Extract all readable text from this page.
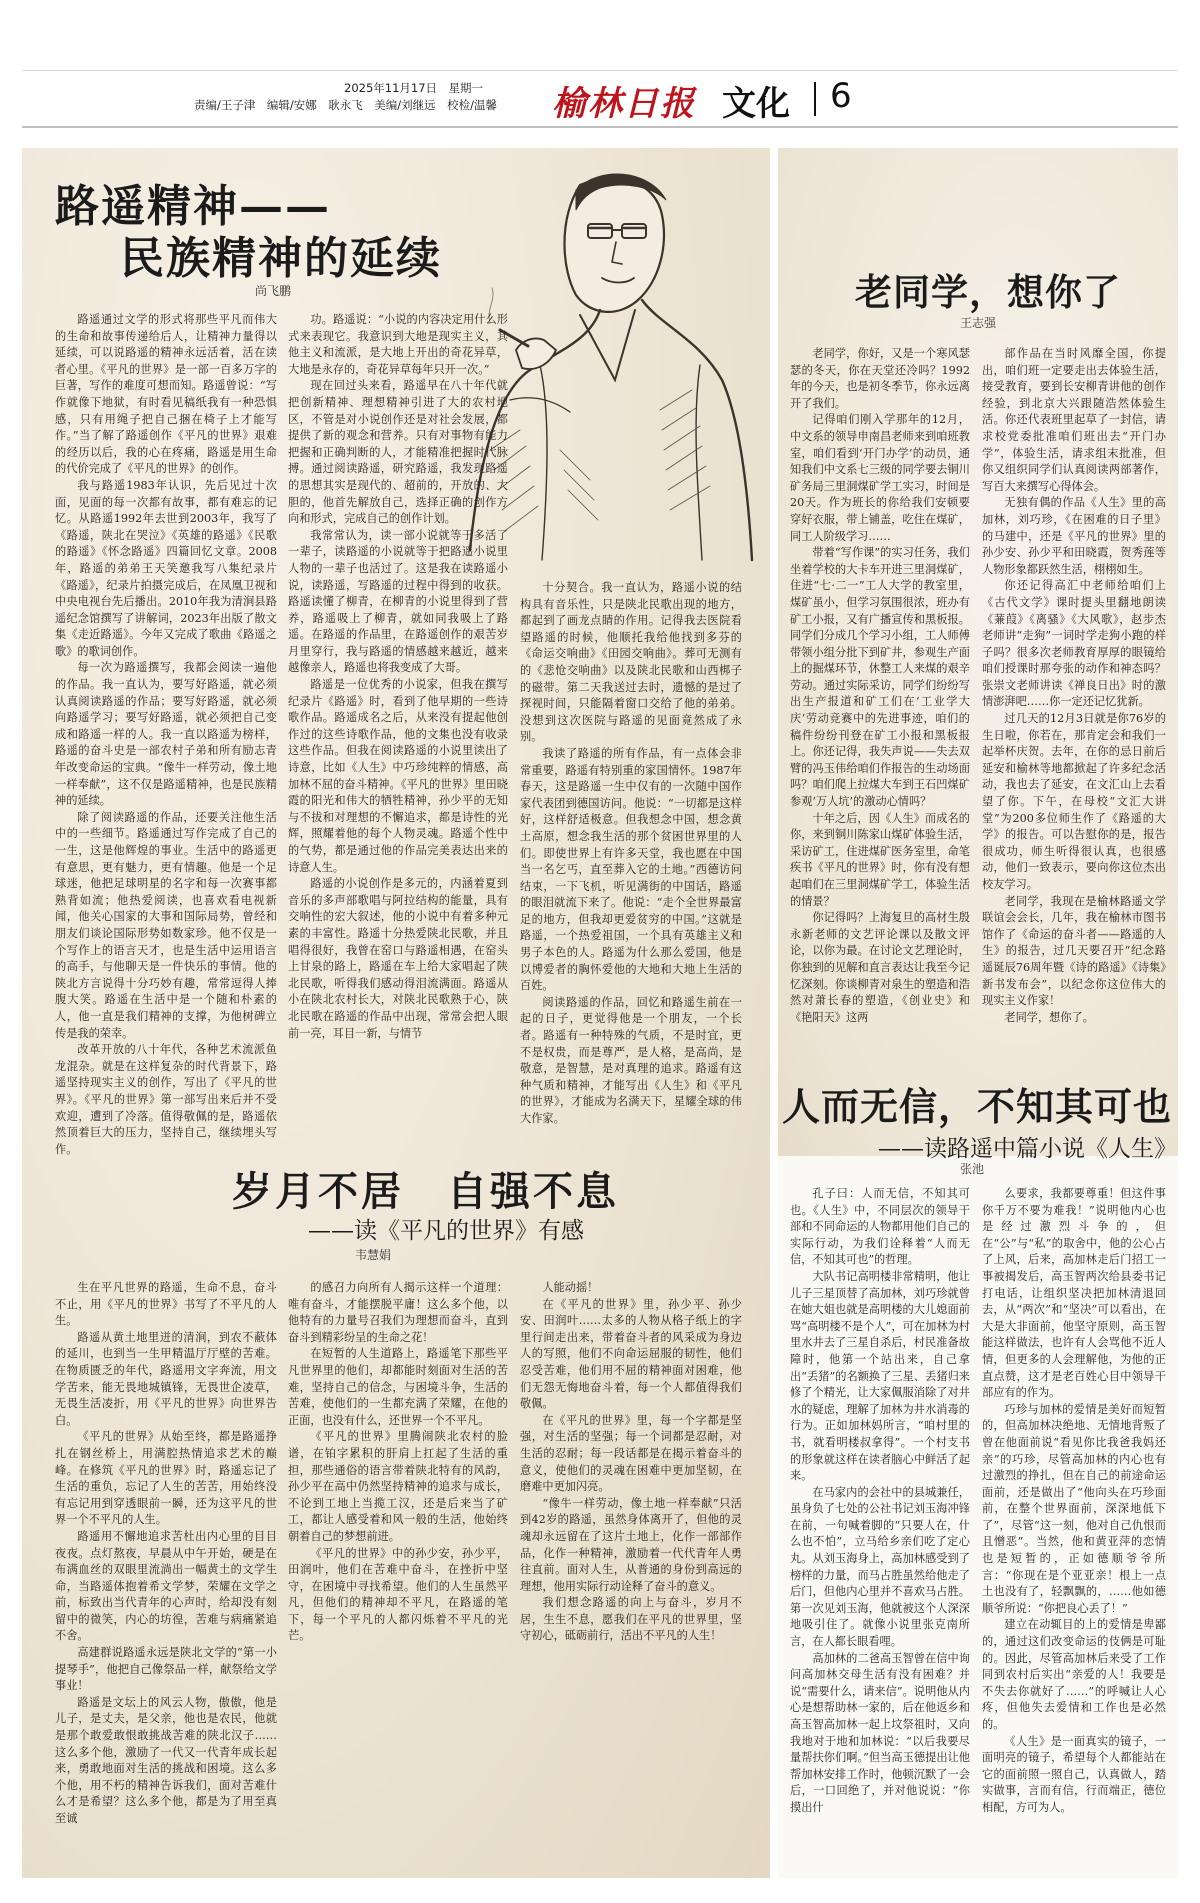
2025年11月17日　星期一
责编/王子津　编辑/安娜　耿永飞　美编/刘继远　校检/温馨	榆林日报 文化 6
路遥精神——
民族精神的延续
尚飞鹏

路遥通过文学的形式将那些平凡而伟大的生命和故事传递给后人，让精神力量得以延续，可以说路遥的精神永远活着，活在读者心里。《平凡的世界》是一部一百多万字的巨著，写作的难度可想而知。路遥曾说：“写作就像下地狱，有时看见稿纸我有一种恐惧感，只有用绳子把自己捆在椅子上才能写作。”当了解了路遥创作《平凡的世界》艰难的经历以后，我的心在疼痛，路遥是用生命的代价完成了《平凡的世界》的创作。

我与路遥1983年认识，先后见过十次面，见面的每一次都有故事，都有难忘的记忆。从路遥1992年去世到2003年，我写了《路遥，陕北在哭泣》《英雄的路遥》《民歌的路遥》《怀念路遥》四篇回忆文章。2008年，路遥的弟弟王天笑邀我写八集纪录片《路遥》，纪录片拍摄完成后，在凤凰卫视和中央电视台先后播出。2010年我为清涧县路遥纪念馆撰写了讲解词，2023年出版了散文集《走近路遥》。今年又完成了歌曲《路遥之歌》的歌词创作。

每一次为路遥撰写，我都会阅读一遍他的作品。我一直认为，要写好路遥，就必须认真阅读路遥的作品；要写好路遥，就必须向路遥学习；要写好路遥，就必须把自己变成和路遥一样的人。我一直以路遥为榜样，路遥的奋斗史是一部农村子弟和所有励志青年改变命运的宝典。“像牛一样劳动，像土地一样奉献”，这不仅是路遥精神，也是民族精神的延续。

除了阅读路遥的作品，还要关注他生活中的一些细节。路遥通过写作完成了自己的一生，这是他辉煌的事业。生活中的路遥更有意思，更有魅力，更有情趣。他是一个足球迷，他把足球明星的名字和每一次赛事都熟背如流；他热爱阅读，也喜欢看电视新闻，他关心国家的大事和国际局势，曾经和朋友们谈论国际形势如数家珍。他不仅是一个写作上的语言天才，也是生活中运用语言的高手，与他聊天是一件快乐的事情。他的陕北方言说得十分巧妙有趣，常常逗得人捧腹大笑。路遥在生活中是一个随和朴素的人，他一直是我们精神的支撑，为他树碑立传是我的荣幸。

改革开放的八十年代，各种艺术流派鱼龙混杂。就是在这样复杂的时代背景下，路遥坚持现实主义的创作，写出了《平凡的世界》。《平凡的世界》第一部写出来后并不受欢迎，遭到了冷落。值得敬佩的是，路遥依然顶着巨大的压力，坚持自己，继续埋头写作。

功。路遥说：“小说的内容决定用什么形式来表现它。我意识到大地是现实主义，其他主义和流派，是大地上开出的奇花异草，大地是永存的，奇花异草每年只开一次。”

现在回过头来看，路遥早在八十年代就把创新精神、理想精神引进了大的农村地区，不管是对小说创作还是对社会发展，都提供了新的观念和营养。只有对事物有能力把握和正确判断的人，才能精准把握时代脉搏。通过阅读路遥，研究路遥，我发现路遥的思想其实是现代的、超前的，开放的、大胆的，他首先解放自己，选择正确的创作方向和形式，完成自己的创作计划。

我常常认为，读一部小说就等于多活了一辈子，读路遥的小说就等于把路遥小说里人物的一辈子也活过了。这是我在读路遥小说，读路遥，写路遥的过程中得到的收获。路遥读懂了柳青，在柳青的小说里得到了营养，路遥吸上了柳青，就如同我吸上了路遥。在路遥的作品里，在路遥创作的艰苦岁月里穿行，我与路遥的情感越来越近，越来越像亲人，路遥也将我变成了大哥。

路遥是一位优秀的小说家，但我在撰写纪录片《路遥》时，看到了他早期的一些诗歌作品。路遥成名之后，从来没有提起他创作过的这些诗歌作品，他的文集也没有收录这些作品。但我在阅读路遥的小说里读出了诗意，比如《人生》中巧珍纯粹的情感，高加林不屈的奋斗精神。《平凡的世界》里田晓霞的阳光和伟大的牺牲精神，孙少平的无知与不拔和对理想的不懈追求，都是诗性的光辉，照耀着他的每个人物灵魂。路遥个性中的气势，都是通过他的作品完美表达出来的诗意人生。

路遥的小说创作是多元的，内涵着夏到音乐的多声部歌唱与阿拉结构的能量，具有交响性的宏大叙述，他的小说中有着多种元素的丰富性。路遥十分热爱陕北民歌，并且唱得很好，我曾在窑口与路遥相遇，在窑头上甘泉的路上，路遥在车上给大家唱起了陕北民歌，听得我们感动得泪流满面。路遥从小在陕北农村长大，对陕北民歌熟于心，陕北民歌在路遥的作品中出现，常常会把人眼前一亮，耳目一新，与情节

十分契合。我一直认为，路遥小说的结构具有音乐性，只是陕北民歌出现的地方，都起到了画龙点睛的作用。记得我去医院看望路遥的时候，他顺托我给他找到多芬的《命运交响曲》《田园交响曲》。葬可无测有的《悲怆交响曲》以及陕北民歌和山西梆子的磁带。第二天我送过去时，遗憾的是过了探视时间，只能隔着窗口交给了他的弟弟。没想到这次医院与路遥的见面竟然成了永别。

我读了路遥的所有作品，有一点体会非常重要，路遥有特别重的家国情怀。1987年春天，这是路遥一生中仅有的一次随中国作家代表团到德国访问。他说：“一切都是这样好，这样舒适极意。但我想念中国，想念黄土高原，想念我生活的那个贫困世界里的人们。即使世界上有许多天堂，我也愿在中国当一名乞丐，直至葬入它的土地。”西德访问结束，一下飞机，听见满街的中国话，路遥的眼泪就流下来了。他说：“走个全世界最富足的地方，但我却更爱贫穷的中国。”这就是路遥，一个热爱祖国，一个具有英雄主义和男子本色的人。路遥为什么那么爱国，他是以博爱者的胸怀爱他的大地和大地上生活的百姓。

阅读路遥的作品，回忆和路遥生前在一起的日子，更觉得他是一个朋友，一个长者。路遥有一种特殊的气质，不是时宜，更不是权贵，而是尊严，是人格，是高尚，是敬意，是智慧，是对真理的追求。路遥有这种气质和精神，才能写出《人生》和《平凡的世界》，才能成为名满天下，星耀全球的伟大作家。

岁月不居　自强不息
——读《平凡的世界》有感
韦慧娟

生在平凡世界的路遥，生命不息，奋斗不止，用《平凡的世界》书写了不平凡的人生。

路遥从黄土地里迸的清涧，到农不蔽体的延川，也到当一生甲精温厅厅壁的苦难。在物质匮乏的年代，路遥用文字奔流，用文学苦来，能无畏地城镇锋，无畏世企凌草，无畏生活凌折，用《平凡的世界》向世界告白。

《平凡的世界》从始至终，都是路遥挣扎在钢丝桥上，用满腔热情追求艺术的巅峰。在修筑《平凡的世界》时，路遥忘记了生活的重负，忘记了人生的苦苦，用始终没有忘记用到穿透眼前一瞬，还为这平凡的世界一个不平凡的人生。

路遥用不懈地追求苦杜出内心里的目目夜夜。点灯熬夜，早晨从中午开始，硬是在布满血丝的双眼里流淌出一幅黄土的文学生命，当路遥体抱着希文学梦，荣耀在文学之前，标致出当代青年的心声时，给却没有刻留中的微笑，内心的坊徨，苦难与病痛紧追不舍。

高建群说路遥永远是陕北文学的“第一小提琴手”，他把自己像祭品一样，献祭给文学事业！

路遥是文坛上的风云人物，傲傲，他是儿子，是丈夫，是父亲，他也是农民，他就是那个敢爱敢恨敢挑战苦难的陕北汉子……这么多个他，激励了一代又一代青年成长起来，勇敢地面对生活的挑战和困境。这么多个他，用不朽的精神告诉我们，面对苦难什么才是希望？这么多个他，都是为了用至真至诚

的感召力向所有人揭示这样一个道理：唯有奋斗，才能摆脱平庸！这么多个他，以他特有的力量号召我们为理想而奋斗，直到奋斗到精彩纷呈的生命之花！

在短暂的人生道路上，路遥笔下那些平凡世界里的他们，却都能时刻面对生活的苦难，坚持自己的信念，与困境斗争，生活的苦难，使他们的一生都充满了荣耀，在他的正面，也没有什么，还世界一个不平凡。

《平凡的世界》里腾闹陕北农村的脸谱，在铂字累积的肝肩上扛起了生活的重担，那些通俗的语言带着陕北特有的风韵，孙少平在高中仍然坚持精神的追求与成长，不论到工地上当揽工汉，还是后来当了矿工，都让人感受着和风一般的生活，他始终朝着自己的梦想前进。

《平凡的世界》中的孙少安，孙少平，田润叶，他们在苦难中奋斗，在挫折中坚守，在困境中寻找希望。他们的人生虽然平凡，但他们的精神却不平凡，在路遥的笔下，每一个平凡的人都闪烁着不平凡的光芒。

人能动摇！

在《平凡的世界》里，孙少平、孙少安、田润叶……太多的人物从格子纸上的字里行间走出来，带着奋斗者的风采成为身边人的写照，他们不向命运屈服的韧性，他们忍受苦难，他们用不屈的精神面对困难，他们无怨无悔地奋斗着，每一个人都值得我们敬佩。

在《平凡的世界》里，每一个字都是坚强，对生活的坚强；每一个词都是忍耐，对生活的忍耐；每一段话都是在揭示着奋斗的意义，使他们的灵魂在困难中更加坚韧，在磨难中更加闪亮。

“像牛一样劳动，像土地一样奉献”只活到42岁的路遥，虽然身体离开了，但他的灵魂却永远留在了这片土地上，化作一部部作品，化作一种精神，激励着一代代青年人勇往直前。面对人生，从普通的身份到高远的理想，他用实际行动诠释了奋斗的意义。

我们想念路遥的向上与奋斗，岁月不居，生生不息，愿我们在平凡的世界里，坚守初心，砥砺前行，活出不平凡的人生！

老同学，想你了
王志强

老同学，你好，又是一个寒风瑟瑟的冬天，你在天堂还冷吗？1992年的今天，也是初冬季节，你永远离开了我们。

记得咱们刚入学那年的12月，中文系的领导申南昌老师来到咱班教室，咱们看到‘开门办学’的动员，通知我们中文系七三级的同学要去铜川矿务局三里洞煤矿学工实习，时间是20天。作为班长的你给我们安顿要穿好衣服，带上铺盖，吃住在煤矿，同工人阶级学习……

带着“写作课”的实习任务，我们坐着学校的大卡车开进三里洞煤矿，住进“七·二一”工人大学的教室里，煤矿虽小，但学习氛围很浓，班办有矿工小报，又有广播宣传和黑板报。同学们分成几个学习小组，工人师傅带领小组分批下到矿井，参观生产面上的掘煤环节，休整工人来煤的艰辛劳动。通过实际采访，同学们纷纷写出生产报道和矿工们在‘工业学大庆’劳动竞赛中的先进事迹，咱们的稿件纷纷刊登在矿工小报和黑板报上。你还记得，我失声说——失去双臂的冯玉伟给咱们作报告的生动场面吗？咱们爬上拉煤大车到王石凹煤矿参观‘万人坑’的激动心情吗？

十年之后，因《人生》而成名的你，来到铜川陈家山煤矿体验生活，采访矿工，住进煤矿医务室里，命笔疾书《平凡的世界》时，你有没有想起咱们在三里洞煤矿学工，体验生活的情景？

你记得吗？上海复旦的高材生殷永新老师的文艺评论课以及散文评论，以你为最。在讨论文艺理论时，你独到的见解和直言表达让我至今记忆深刻。你谈柳青对泉生的塑造和浩然对萧长春的塑造，《创业史》和《艳阳天》这两

部作品在当时风靡全国，你提出，咱们班一定要走出去体验生活，接受教育，要到长安柳青讲他的创作经验，到北京大兴跟随浩然体验生活。你还代表班里起草了一封信，请求校党委批准咱们班出去“开门办学”，体验生活，请求组末批准，但你又组织同学们认真阅读两部著作，写百大来撰写心得体会。

无独有偶的作品《人生》里的高加林，刘巧珍，《在困难的日子里》的马建中，还是《平凡的世界》里的孙少安、孙少平和田晓霞，贺秀莲等人物形象都跃然生活，栩栩如生。

你还记得高汇中老师给咱们上《古代文学》课时提头里翻地朗读《蒹葭》《离骚》《大风歌》，赵步杰老师讲“走狗”一词时学走狗小跑的样子吗？很多次老师教育厚厚的眼镜给咱们授课时那夸张的动作和神态吗？张崇文老师讲读《禅良日出》时的激情澎湃吧……你一定还记忆犹新。

过几天的12月3日就是你76岁的生日啦，你若在，那肯定会和我们一起举杯庆贺。去年，在你的忌日前后延安和榆林等地都掀起了许多纪念活动，我也去了延安，在文汇山上去看望了你。下午，在母校“文汇大讲堂”为200多位师生作了《路遥的大学》的报告。可以告慰你的是，报告很成功，师生听得很认真，也很感动，他们一致表示，要向你这位杰出校友学习。

老同学，我现在是榆林路遥文学联谊会会长，几年，我在榆林市图书馆作了《命运的奋斗者——路遥的人生》的报告，过几天要召开“纪念路遥诞辰76周年暨《诗的路遥》《诗集》新书发布会”，以纪念你这位伟大的现实主义作家！

老同学，想你了。

人而无信，不知其可也
——读路遥中篇小说《人生》
张池

孔子曰：人而无信，不知其可也。《人生》中，不同层次的领导干部和不同命运的人物都用他们自己的实际行动，为我们诠释着“人而无信，不知其可也”的哲理。

大队书记高明楼非常精明，他让儿子三星顶替了高加林，刘巧珍就曾在她大姐也就是高明楼的大儿媳面前骂“高明楼不是个人”，可在加林为村里水井去了三星自杀后，村民准备故障时，他第一个站出来，自己拿出“丢猪”的名额换了三星、丢猪归来修了个精光，让大家佩服消除了对井水的疑虑，理解了加林为井水消毒的行为。正如加林妈所言，“咱村里的书，就看明楼叔拿得”。一个村支书的形象就这样在读者脑心中鲜活了起来。

在马家内的会社中的县城兼任，虽身负了七处的公社书记刘玉海冲锋在前，一句喊着脚的“只要人在，什么也不怕”，立马给乡亲们吃了定心丸。从刘玉海身上，高加林感受到了榜样的力量，而马占胜虽然给他走了后门，但他内心里并不喜欢马占胜。第一次见刘玉海，他就被这个人深深地吸引住了。就像小说里张克南所言，在人都长眼看哩。

高加林的二爸高玉智曾在信中询问高加林交母生活有没有困难？并说“需要什么，请来信”。说明他从内心是想帮助林一家的，后在他返乡和高玉智高加林一起上坟祭祖时，又向我地对于地和加林说：“以后我要尽量帮扶你们啊。”但当高玉德提出让他帮加林安排工作时，他顿沉默了一会后，一口回绝了，并对他说说：“你摸出什

么要求，我都要尊重！但这件事你千万不要为难我！”说明他内心也是经过激烈斗争的，但在“公”与“私”的取舍中，他的公心占了上风，后来，高加林走后门招工一事被揭发后，高玉智两次给县委书记打电话，让组织坚决把加林清退回去，从“两次”和“坚决”可以看出，在大是大非面前，他坚守原则，高玉智能这样做法，也许有人会骂他不近人情，但更多的人会理解他，为他的正直点赞，这才是老百姓心目中领导干部应有的作为。

巧珍与加林的爱情是美好而短暂的，但高加林决绝地、无情地背叛了曾在他面前说“看见你比我爸我妈还亲”的巧珍，尽管高加林的内心也有过激烈的挣扎，但在自己的前途命运面前，还是做出了“他向头在巧珍面前，在整个世界面前，深深地低下了”，尽管“这一刻，他对自己仇恨而且憎恶”。当然，他和黄亚萍的恋情也是短暂的，正如德顺爷爷所言：“你现在是个亚亚亲！根上一点土也没有了，轻飘飘的，……他如德顺爷所说：“你把良心丢了！”

建立在动辄目的上的爱情是卑鄙的，通过这们改变命运的伎俩是可耻的。因此，尽管高加林后来受了工作同到农村后实出“亲爱的人！我要是不失去你就好了……”的呼喊让人心疼，但他失去爱情和工作也是必然的。

《人生》是一面真实的镜子，一面明亮的镜子，希望每个人都能站在它的面前照一照自己，认真做人，踏实做事，言而有信，行而端正，德位相配，方可为人。
